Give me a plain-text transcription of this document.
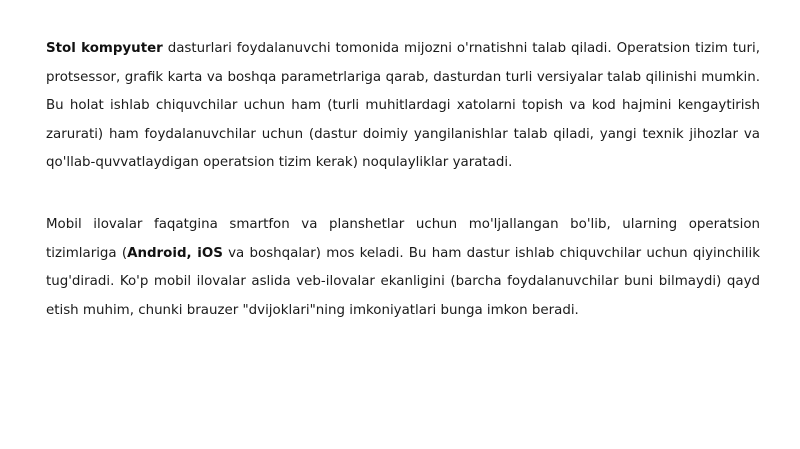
Stol kompyuter dasturlari foydalanuvchi tomonida mijozni o'rnatishni talab qiladi. Operatsion tizim turi, protsessor, grafik karta va boshqa parametrlariga qarab, dasturdan turli versiyalar talab qilinishi mumkin. Bu holat ishlab chiquvchilar uchun ham (turli muhitlardagi xatolarni topish va kod hajmini kengaytirish zarurati) ham foydalanuvchilar uchun (dastur doimiy yangilanishlar talab qiladi, yangi texnik jihozlar va qo'llab-quvvatlaydigan operatsion tizim kerak) noqulayliklar yaratadi.

Mobil ilovalar faqatgina smartfon va planshetlar uchun mo'ljallangan bo'lib, ularning operatsion tizimlariga (Android, iOS va boshqalar) mos keladi. Bu ham dastur ishlab chiquvchilar uchun qiyinchilik tug'diradi. Ko'p mobil ilovalar aslida veb-ilovalar ekanligini (barcha foydalanuvchilar buni bilmaydi) qayd etish muhim, chunki brauzer "dvijoklari"ning imkoniyatlari bunga imkon beradi.
